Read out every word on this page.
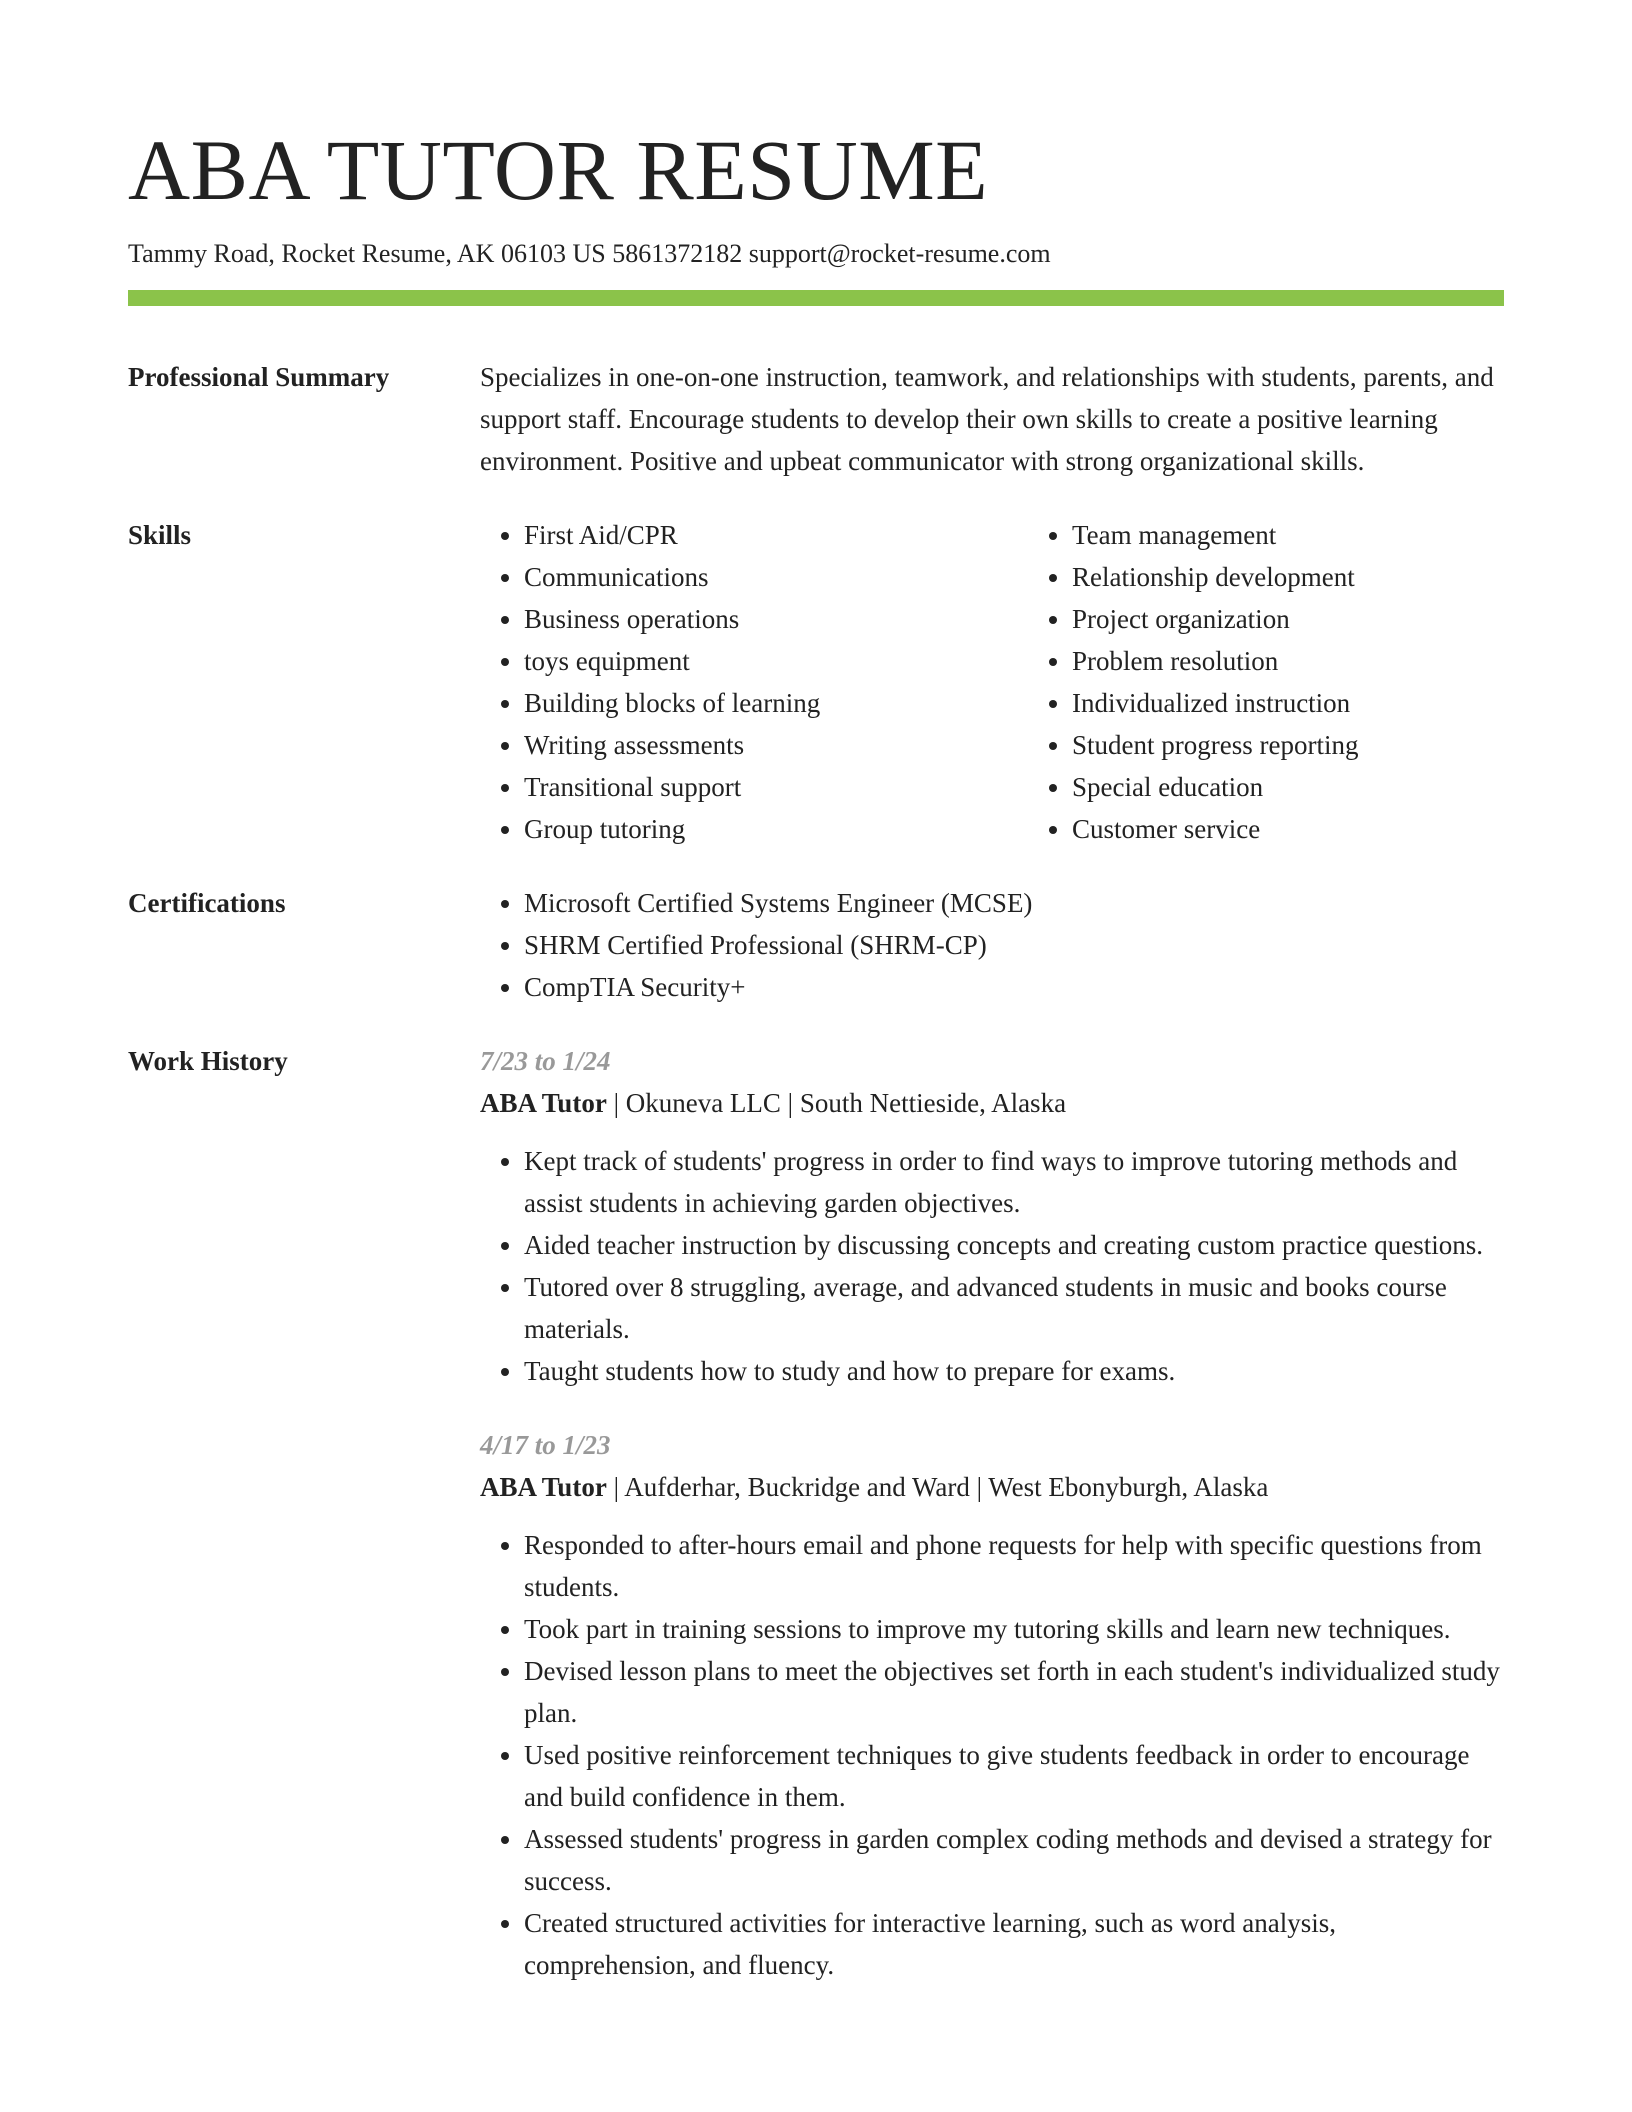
ABA TUTOR RESUME
Tammy Road, Rocket Resume, AK 06103 US 5861372182 support@rocket-resume.com
Professional Summary	Specializes in one-on-one instruction, teamwork, and relationships with students, parents, and support staff. Encourage students to develop their own skills to create a positive learning environment. Positive and upbeat communicator with strong organizational skills.
Skills	• First Aid/CPR
• Communications
• Business operations
• toys equipment
• Building blocks of learning
• Writing assessments
• Transitional support
• Group tutoring
• Team management
• Relationship development
• Project organization
• Problem resolution
• Individualized instruction
• Student progress reporting
• Special education
• Customer service
Certifications	• Microsoft Certified Systems Engineer (MCSE)
• SHRM Certified Professional (SHRM-CP)
• CompTIA Security+
Work History	7/23 to 1/24
ABA Tutor | Okuneva LLC | South Nettieside, Alaska
• Kept track of students' progress in order to find ways to improve tutoring methods and assist students in achieving garden objectives.
• Aided teacher instruction by discussing concepts and creating custom practice questions.
• Tutored over 8 struggling, average, and advanced students in music and books course materials.
• Taught students how to study and how to prepare for exams.
4/17 to 1/23
ABA Tutor | Aufderhar, Buckridge and Ward | West Ebonyburgh, Alaska
• Responded to after-hours email and phone requests for help with specific questions from students.
• Took part in training sessions to improve my tutoring skills and learn new techniques.
• Devised lesson plans to meet the objectives set forth in each student's individualized study plan.
• Used positive reinforcement techniques to give students feedback in order to encourage and build confidence in them.
• Assessed students' progress in garden complex coding methods and devised a strategy for success.
• Created structured activities for interactive learning, such as word analysis, comprehension, and fluency.
